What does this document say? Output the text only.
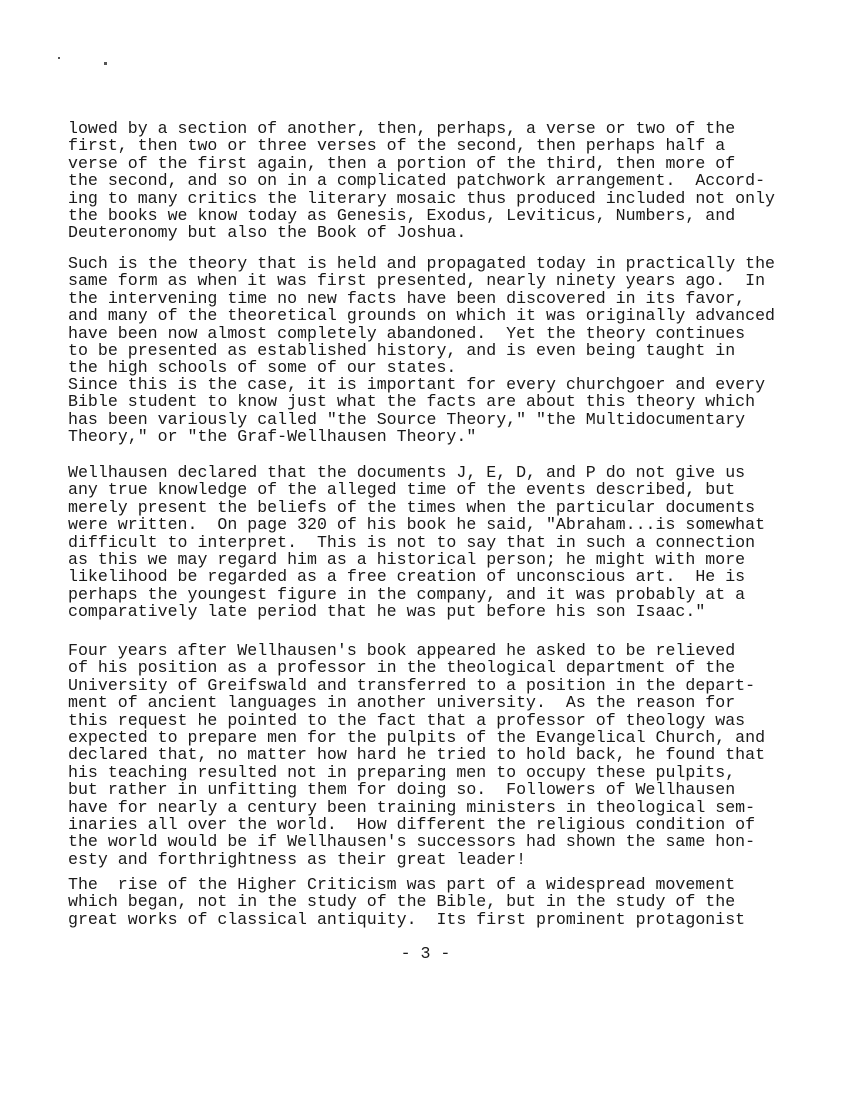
lowed by a section of another, then, perhaps, a verse or two of the
first, then two or three verses of the second, then perhaps half a
verse of the first again, then a portion of the third, then more of
the second, and so on in a complicated patchwork arrangement.  Accord-
ing to many critics the literary mosaic thus produced included not only
the books we know today as Genesis, Exodus, Leviticus, Numbers, and
Deuteronomy but also the Book of Joshua.
Such is the theory that is held and propagated today in practically the
same form as when it was first presented, nearly ninety years ago.  In
the intervening time no new facts have been discovered in its favor,
and many of the theoretical grounds on which it was originally advanced
have been now almost completely abandoned.  Yet the theory continues
to be presented as established history, and is even being taught in
the high schools of some of our states.
Since this is the case, it is important for every churchgoer and every
Bible student to know just what the facts are about this theory which
has been variously called "the Source Theory," "the Multidocumentary
Theory," or "the Graf-Wellhausen Theory."
Wellhausen declared that the documents J, E, D, and P do not give us
any true knowledge of the alleged time of the events described, but
merely present the beliefs of the times when the particular documents
were written.  On page 320 of his book he said, "Abraham...is somewhat
difficult to interpret.  This is not to say that in such a connection
as this we may regard him as a historical person; he might with more
likelihood be regarded as a free creation of unconscious art.  He is
perhaps the youngest figure in the company, and it was probably at a
comparatively late period that he was put before his son Isaac."
Four years after Wellhausen's book appeared he asked to be relieved
of his position as a professor in the theological department of the
University of Greifswald and transferred to a position in the depart-
ment of ancient languages in another university.  As the reason for
this request he pointed to the fact that a professor of theology was
expected to prepare men for the pulpits of the Evangelical Church, and
declared that, no matter how hard he tried to hold back, he found that
his teaching resulted not in preparing men to occupy these pulpits,
but rather in unfitting them for doing so.  Followers of Wellhausen
have for nearly a century been training ministers in theological sem-
inaries all over the world.  How different the religious condition of
the world would be if Wellhausen's successors had shown the same hon-
esty and forthrightness as their great leader!
The  rise of the Higher Criticism was part of a widespread movement
which began, not in the study of the Bible, but in the study of the
great works of classical antiquity.  Its first prominent protagonist
- 3 -
